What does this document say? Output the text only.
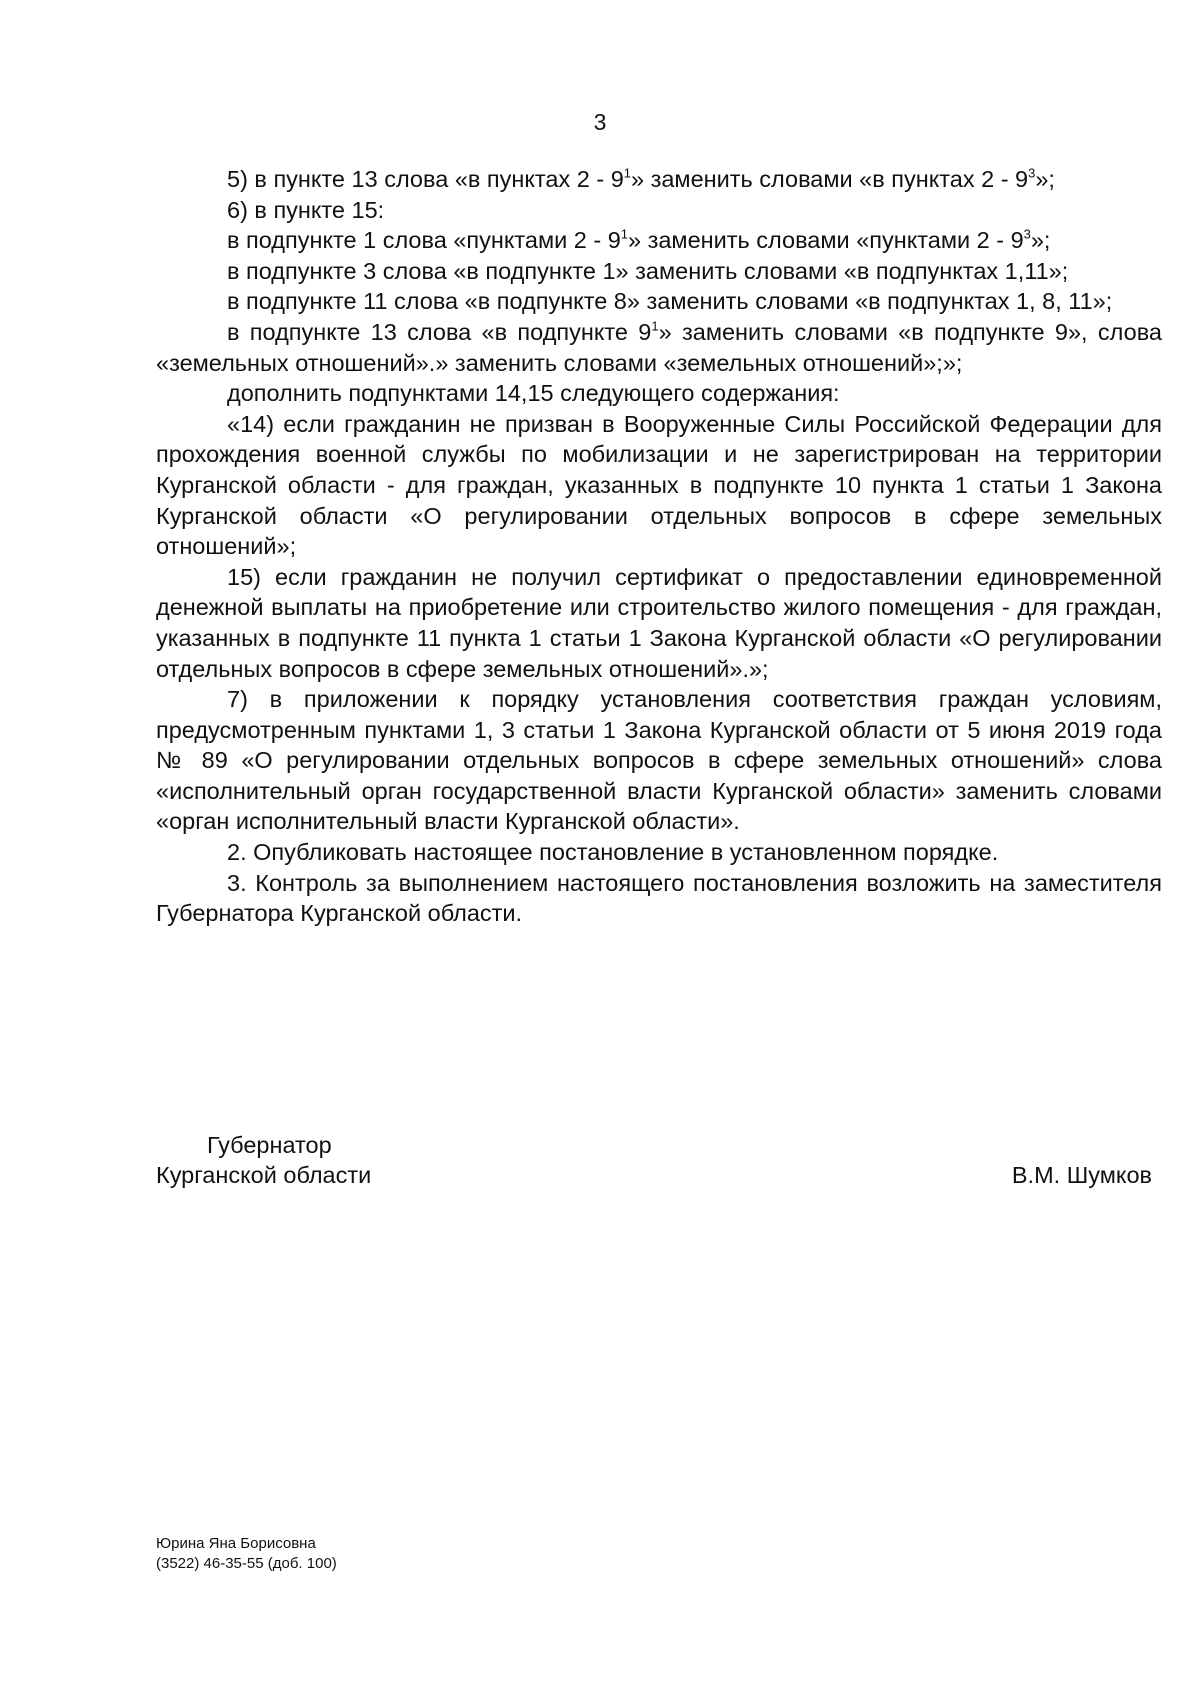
3

5) в пункте 13 слова «в пунктах $2 - 9^1$» заменить словами «в пунктах $2 - 9^3$»;

6) в пункте 15:

в подпункте 1 слова «пунктами $2 - 9^1$» заменить словами «пунктами $2 - 9^3$»;

в подпункте 3 слова «в подпункте 1» заменить словами «в подпунктах 1,11»;

в подпункте 11 слова «в подпункте 8» заменить словами «в подпунктах 1, 8, 11»;

в подпункте 13 слова «в подпункте $9^1$» заменить словами «в подпункте 9», слова «земельных отношений».» заменить словами «земельных отношений»;»;

дополнить подпунктами 14,15 следующего содержания:

«14) если гражданин не призван в Вооруженные Силы Российской Федерации для прохождения военной службы по мобилизации и не зарегистрирован на территории Курганской области - для граждан, указанных в подпункте 10 пункта 1 статьи 1 Закона Курганской области «О регулировании отдельных вопросов в сфере земельных отношений»;

15) если гражданин не получил сертификат о предоставлении единовременной денежной выплаты на приобретение или строительство жилого помещения - для граждан, указанных в подпункте 11 пункта 1 статьи 1 Закона Курганской области «О регулировании отдельных вопросов в сфере земельных отношений».»;

7) в приложении к порядку установления соответствия граждан условиям, предусмотренным пунктами 1, 3 статьи 1 Закона Курганской области от 5 июня 2019 года № 89 «О регулировании отдельных вопросов в сфере земельных отношений» слова «исполнительный орган государственной власти Курганской области» заменить словами «орган исполнительный власти Курганской области».

2. Опубликовать настоящее постановление в установленном порядке.

3. Контроль за выполнением настоящего постановления возложить на заместителя Губернатора Курганской области.

Губернатор
Курганской области	В.М. Шумков
Юрина Яна Борисовна
(3522) 46-35-55 (доб. 100)
